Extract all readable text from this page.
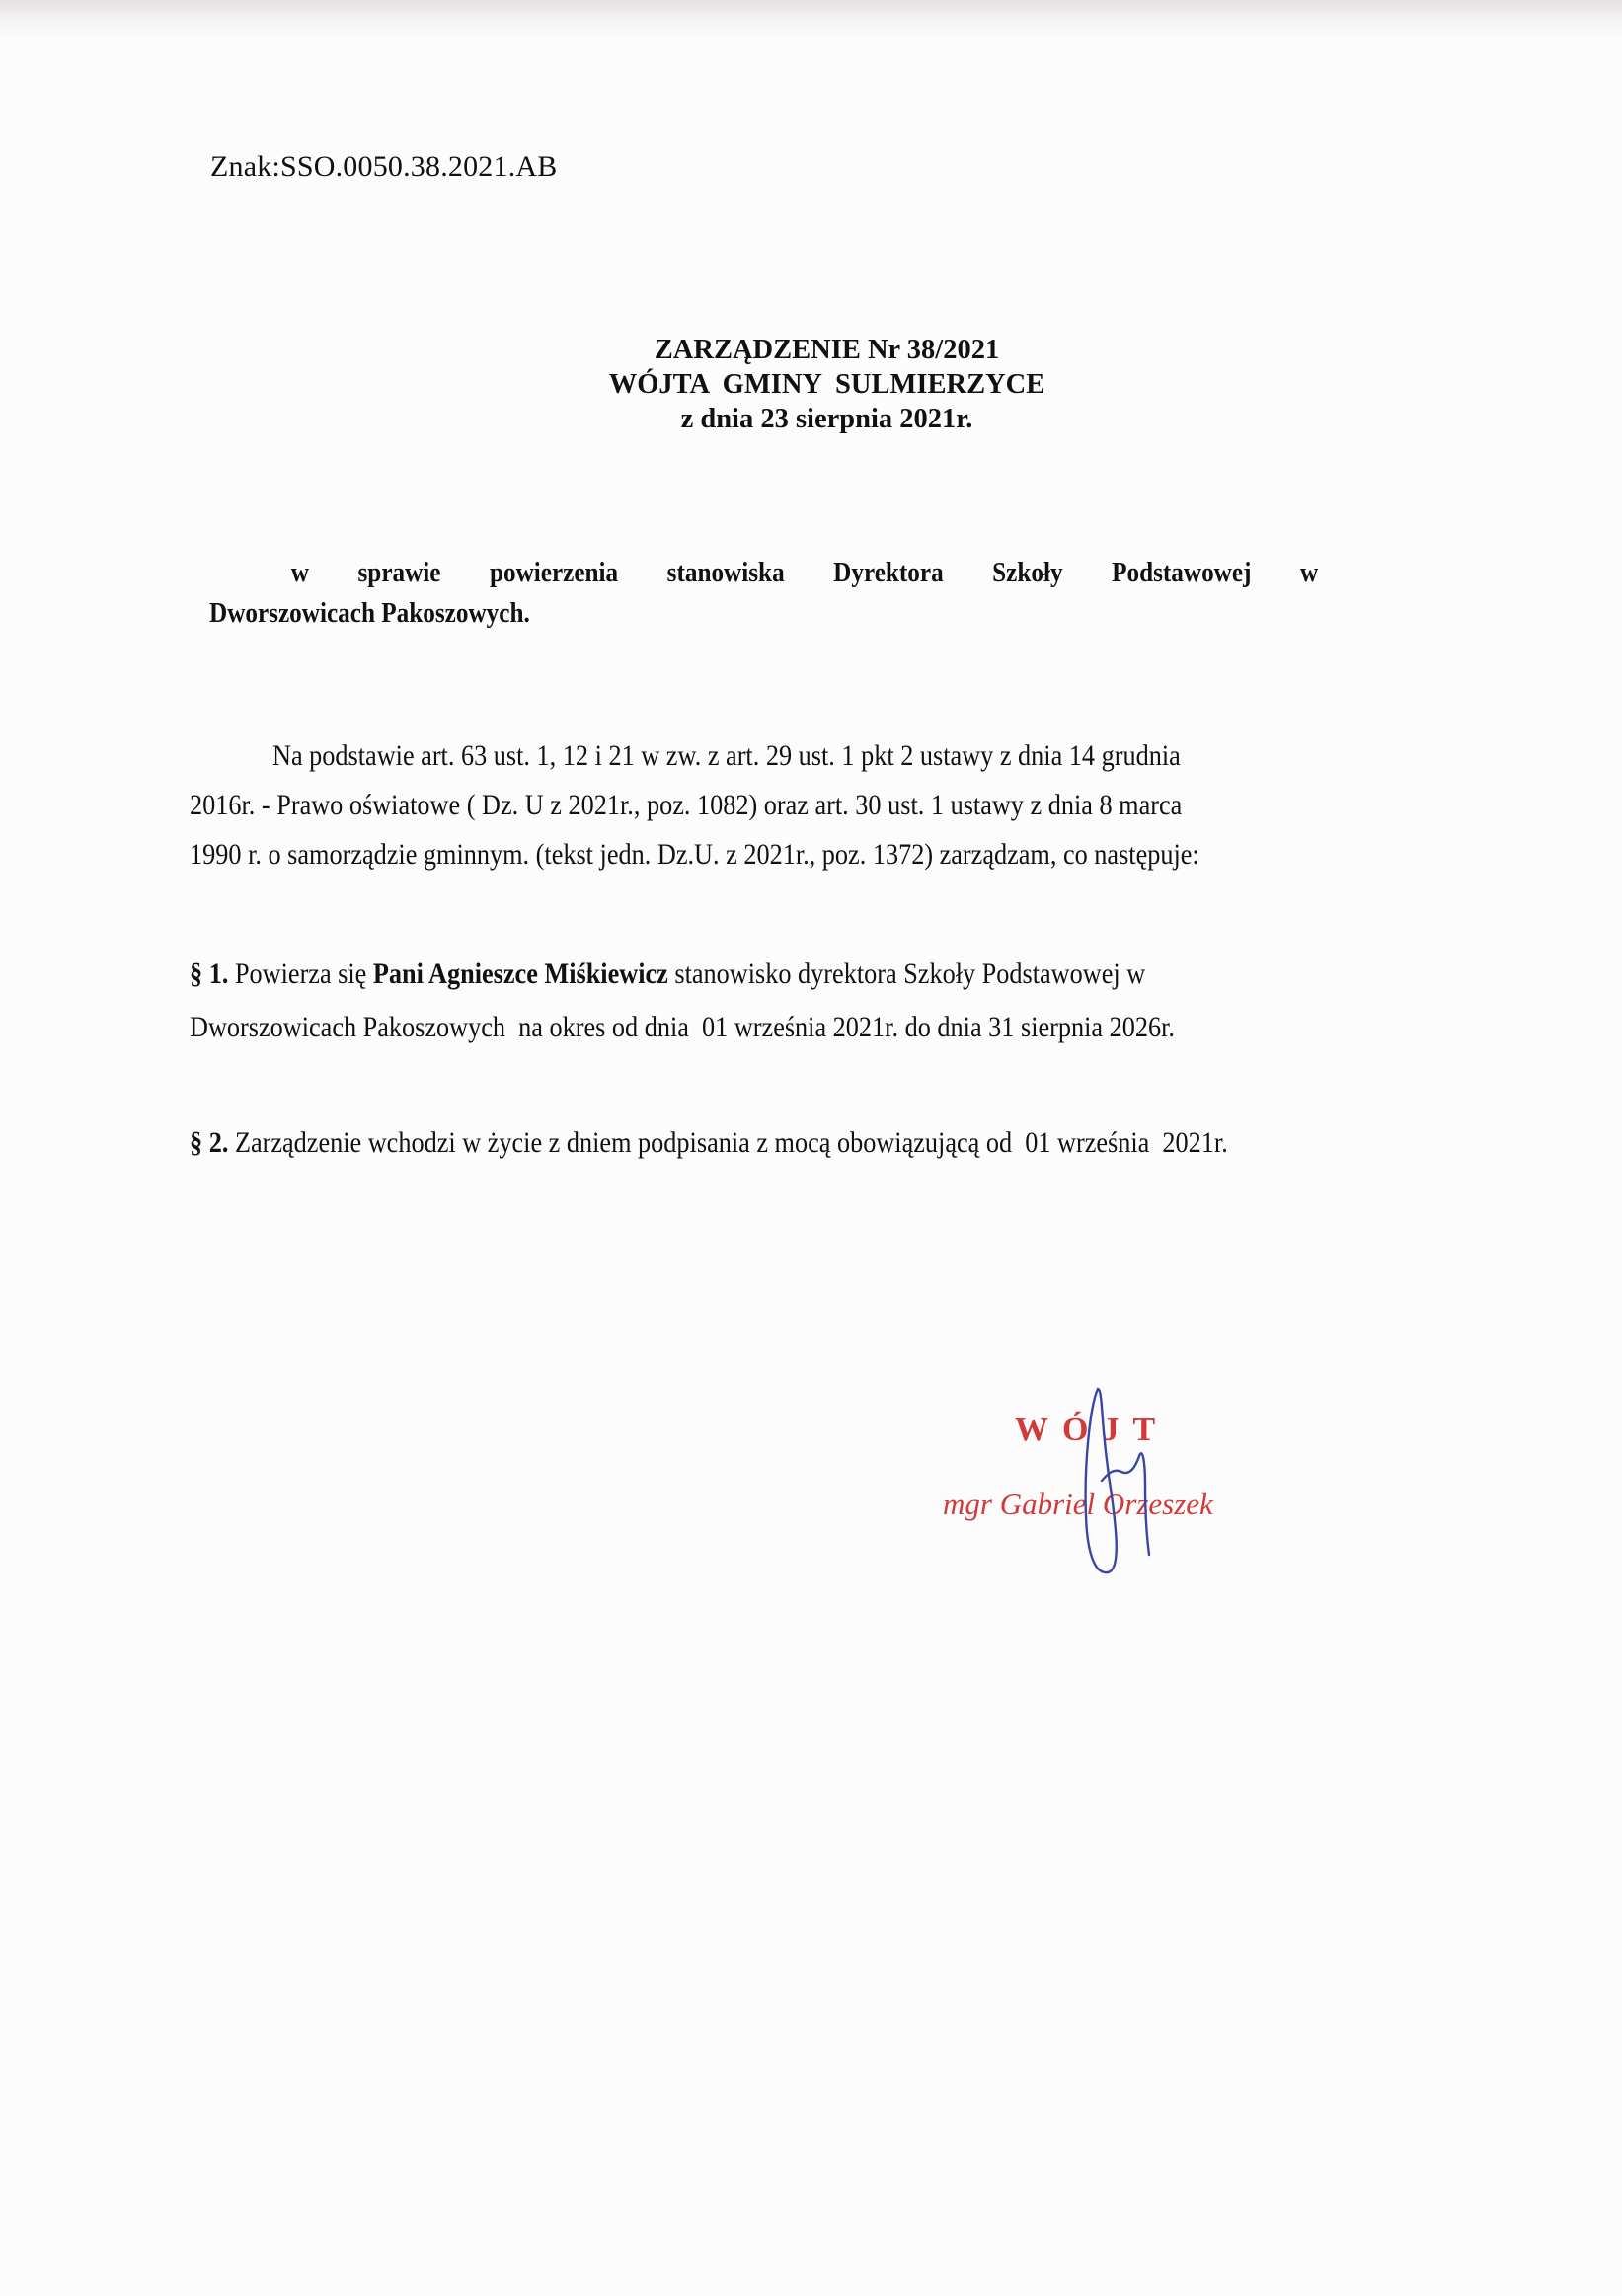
Znak:SSO.0050.38.2021.AB
ZARZĄDZENIE Nr 38/2021
WÓJTA GMINY SULMIERZYCE
z dnia 23 sierpnia 2021r.
w sprawie powierzenia stanowiska Dyrektora Szkoły Podstawowej w
Dworszowicach Pakoszowych.
Na podstawie art. 63 ust. 1, 12 i 21 w zw. z art. 29 ust. 1 pkt 2 ustawy z dnia 14 grudnia
2016r. - Prawo oświatowe ( Dz. U z 2021r., poz. 1082) oraz art. 30 ust. 1 ustawy z dnia 8 marca
1990 r. o samorządzie gminnym. (tekst jedn. Dz.U. z 2021r., poz. 1372) zarządzam, co następuje:
§ 1. Powierza się Pani Agnieszce Miśkiewicz stanowisko dyrektora Szkoły Podstawowej w
Dworszowicach Pakoszowych  na okres od dnia  01 września 2021r. do dnia 31 sierpnia 2026r.
§ 2. Zarządzenie wchodzi w życie z dniem podpisania z mocą obowiązującą od  01 września  2021r.
WÓJT
mgr Gabriel Orzeszek
